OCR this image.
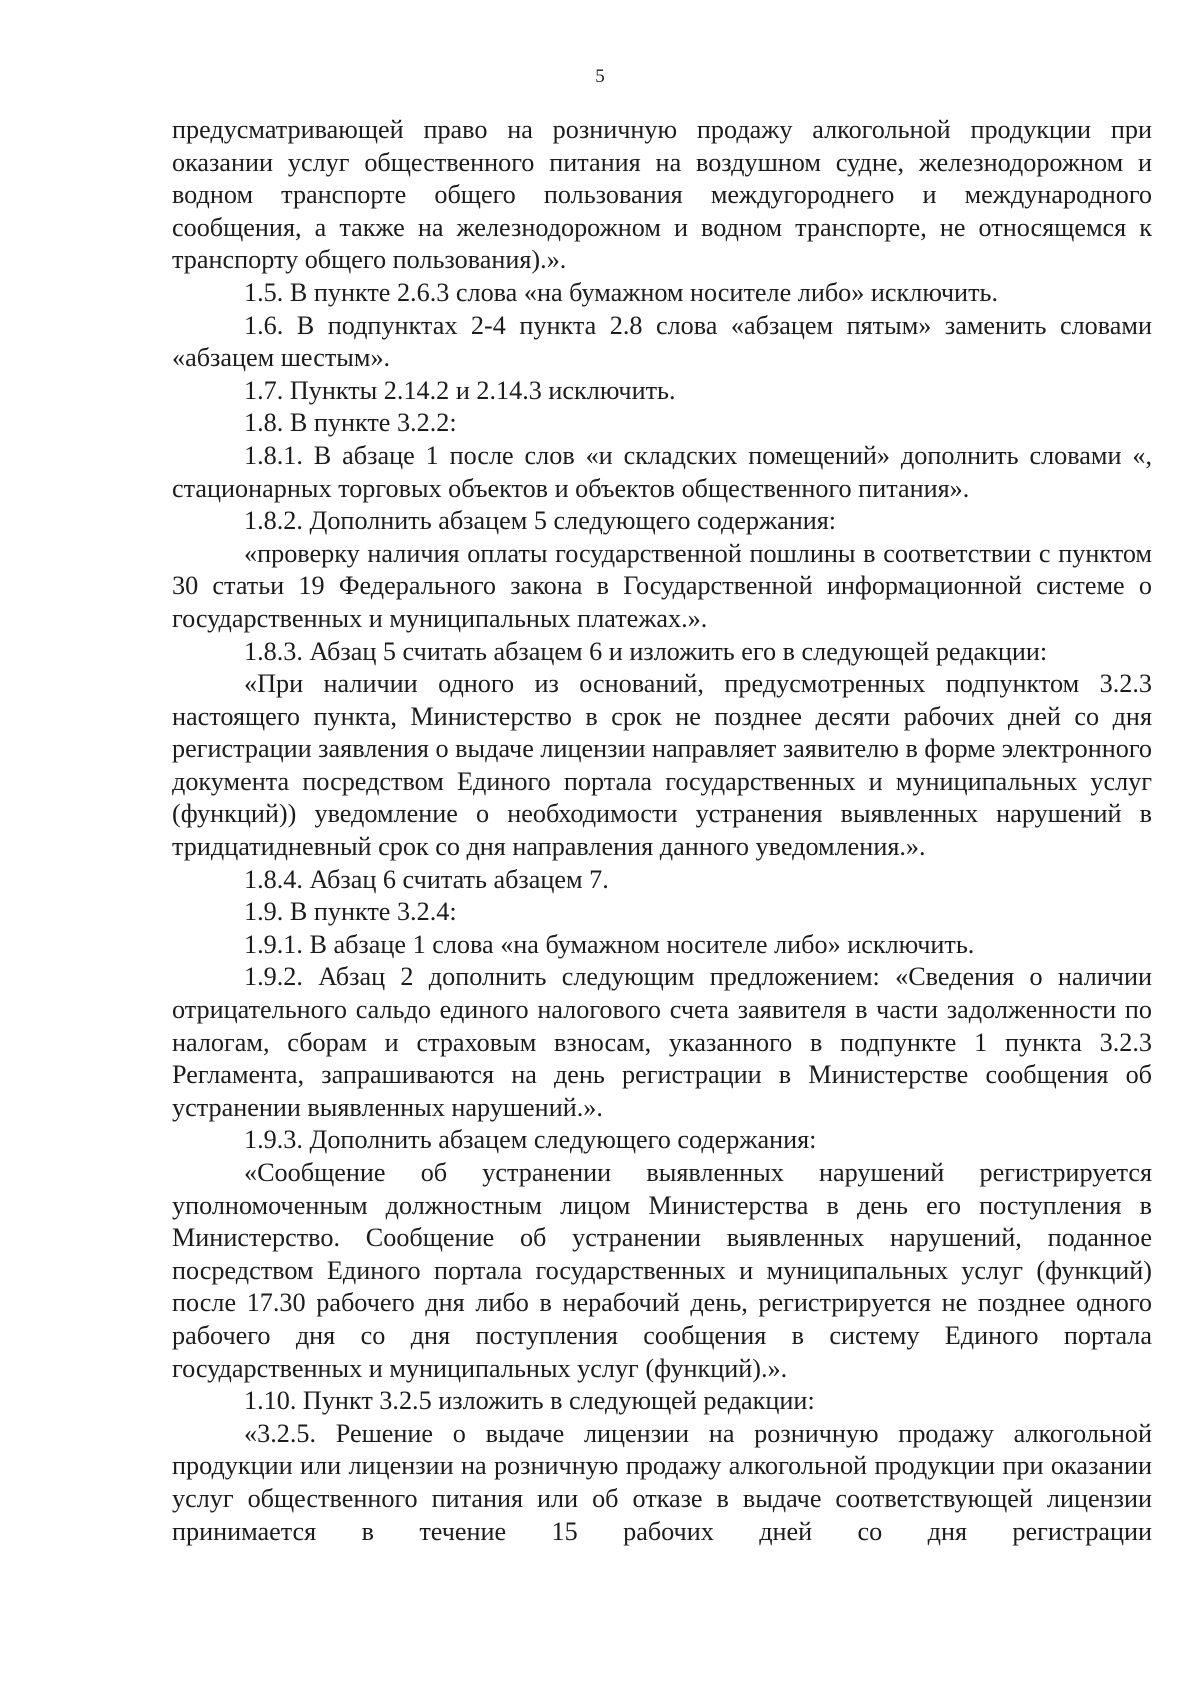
5

предусматривающей право на розничную продажу алкогольной продукции при оказании услуг общественного питания на воздушном судне, железнодорожном и водном транспорте общего пользования междугороднего и международного сообщения, а также на железнодорожном и водном транспорте, не относящемся к транспорту общего пользования).».

1.5. В пункте 2.6.3 слова «на бумажном носителе либо» исключить.

1.6. В подпунктах 2-4 пункта 2.8 слова «абзацем пятым» заменить словами «абзацем шестым».

1.7. Пункты 2.14.2 и 2.14.3 исключить.

1.8. В пункте 3.2.2:

1.8.1. В абзаце 1 после слов «и складских помещений» дополнить словами «, стационарных торговых объектов и объектов общественного питания».

1.8.2. Дополнить абзацем 5 следующего содержания:

«проверку наличия оплаты государственной пошлины в соответствии с пунктом 30 статьи 19 Федерального закона в Государственной информационной системе о государственных и муниципальных платежах.».

1.8.3. Абзац 5 считать абзацем 6 и изложить его в следующей редакции:

«При наличии одного из оснований, предусмотренных подпунктом 3.2.3 настоящего пункта, Министерство в срок не позднее десяти рабочих дней со дня регистрации заявления о выдаче лицензии направляет заявителю в форме электронного документа посредством Единого портала государственных и муниципальных услуг (функций)) уведомление о необходимости устранения выявленных нарушений в тридцатидневный срок со дня направления данного уведомления.».

1.8.4. Абзац 6 считать абзацем 7.

1.9. В пункте 3.2.4:

1.9.1. В абзаце 1 слова «на бумажном носителе либо» исключить.

1.9.2. Абзац 2 дополнить следующим предложением: «Сведения о наличии отрицательного сальдо единого налогового счета заявителя в части задолженности по налогам, сборам и страховым взносам, указанного в подпункте 1 пункта 3.2.3 Регламента, запрашиваются на день регистрации в Министерстве сообщения об устранении выявленных нарушений.».

1.9.3. Дополнить абзацем следующего содержания:

«Сообщение об устранении выявленных нарушений регистрируется уполномоченным должностным лицом Министерства в день его поступления в Министерство. Сообщение об устранении выявленных нарушений, поданное посредством Единого портала государственных и муниципальных услуг (функций) после 17.30 рабочего дня либо в нерабочий день, регистрируется не позднее одного рабочего дня со дня поступления сообщения в систему Единого портала государственных и муниципальных услуг (функций).».

1.10. Пункт 3.2.5 изложить в следующей редакции:

«3.2.5. Решение о выдаче лицензии на розничную продажу алкогольной продукции или лицензии на розничную продажу алкогольной продукции при оказании услуг общественного питания или об отказе в выдаче соответствующей лицензии принимается в течение 15 рабочих дней со дня регистрации
